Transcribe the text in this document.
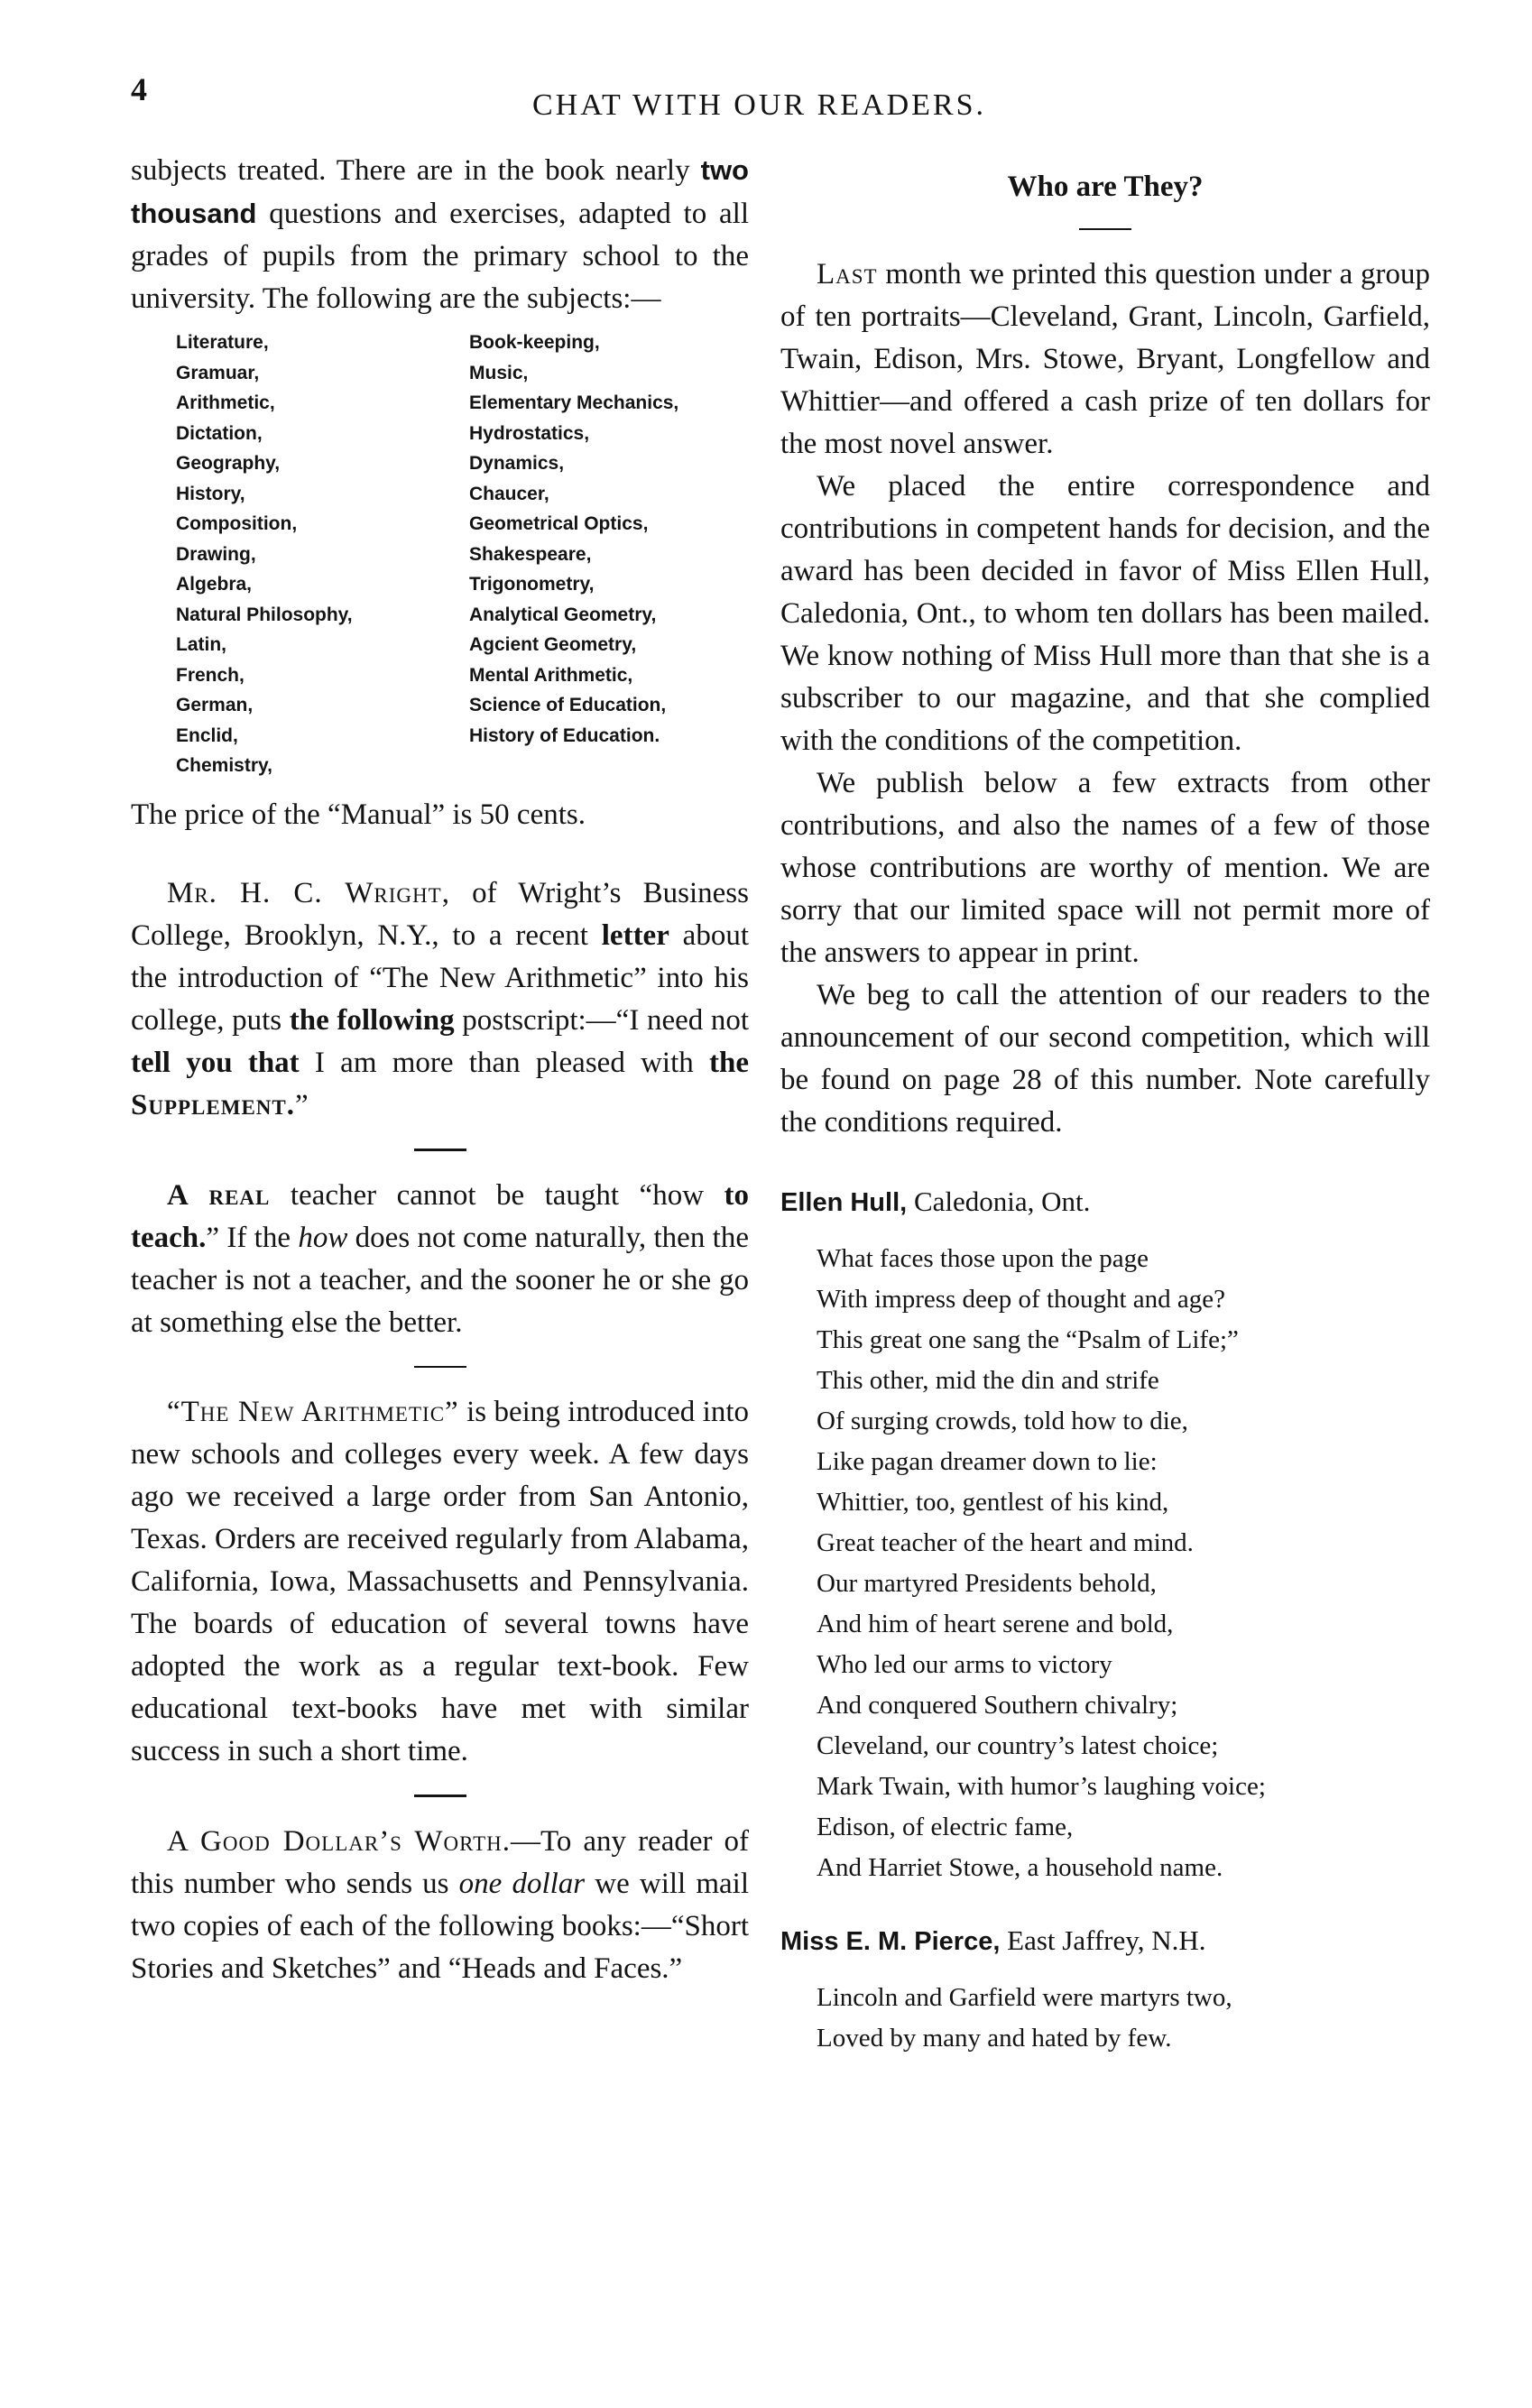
4	CHAT WITH OUR READERS.

subjects treated. There are in the book nearly two thousand questions and exercises, adapted to all grades of pupils from the primary school to the university. The following are the subjects:—

Literature,
Gramuar,
Arithmetic,
Dictation,
Geography,
History,
Composition,
Drawing,
Algebra,
Natural Philosophy,
Latin,
French,
German,
Enclid,
Chemistry,
Book-keeping,
Music,
Elementary Mechanics,
Hydrostatics,
Dynamics,
Chaucer,
Geometrical Optics,
Shakespeare,
Trigonometry,
Analytical Geometry,
Agcient Geometry,
Mental Arithmetic,
Science of Education,
History of Education.

The price of the “Manual” is 50 cents.

Mr. H. C. Wright, of Wright’s Business College, Brooklyn, N.Y., to a recent letter about the introduction of “The New Arithmetic” into his college, puts the following postscript:—“I need not tell you that I am more than pleased with the Supplement.”

A real teacher cannot be taught “how to teach.” If the how does not come naturally, then the teacher is not a teacher, and the sooner he or she go at something else the better.

“The New Arithmetic” is being introduced into new schools and colleges every week. A few days ago we received a large order from San Antonio, Texas. Orders are received regularly from Alabama, California, Iowa, Massachusetts and Pennsylvania. The boards of education of several towns have adopted the work as a regular text-book. Few educational text-books have met with similar success in such a short time.

A Good Dollar’s Worth.—To any reader of this number who sends us one dollar we will mail two copies of each of the following books:—“Short Stories and Sketches” and “Heads and Faces.”

Who are They?

Last month we printed this question under a group of ten portraits—Cleveland, Grant, Lincoln, Garfield, Twain, Edison, Mrs. Stowe, Bryant, Longfellow and Whittier—and offered a cash prize of ten dollars for the most novel answer.

We placed the entire correspondence and contributions in competent hands for decision, and the award has been decided in favor of Miss Ellen Hull, Caledonia, Ont., to whom ten dollars has been mailed. We know nothing of Miss Hull more than that she is a subscriber to our magazine, and that she complied with the conditions of the competition.

We publish below a few extracts from other contributions, and also the names of a few of those whose contributions are worthy of mention. We are sorry that our limited space will not permit more of the answers to appear in print.

We beg to call the attention of our readers to the announcement of our second competition, which will be found on page 28 of this number. Note carefully the conditions required.

Ellen Hull, Caledonia, Ont.
What faces those upon the page
With impress deep of thought and age?
This great one sang the “Psalm of Life;”
This other, mid the din and strife
Of surging crowds, told how to die,
Like pagan dreamer down to lie:
Whittier, too, gentlest of his kind,
Great teacher of the heart and mind.
Our martyred Presidents behold,
And him of heart serene and bold,
Who led our arms to victory
And conquered Southern chivalry;
Cleveland, our country’s latest choice;
Mark Twain, with humor’s laughing voice;
Edison, of electric fame,
And Harriet Stowe, a household name.
Miss E. M. Pierce, East Jaffrey, N.H.
Lincoln and Garfield were martyrs two,
Loved by many and hated by few.
